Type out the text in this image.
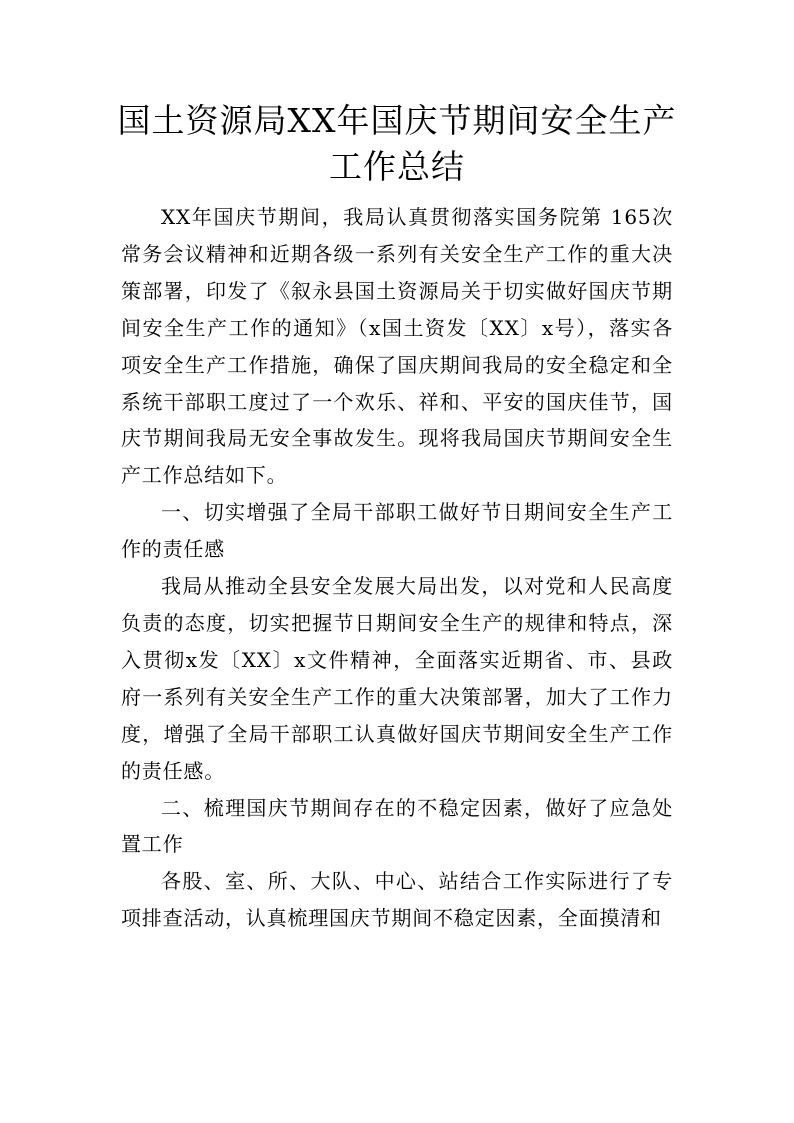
国土资源局XX年国庆节期间安全生产
工作总结

XX年国庆节期间，我局认真贯彻落实国务院第 165次常务会议精神和近期各级一系列有关安全生产工作的重大决策部署，印发了《叙永县国土资源局关于切实做好国庆节期间安全生产工作的通知》（x国土资发〔XX〕x号），落实各项安全生产工作措施，确保了国庆期间我局的安全稳定和全系统干部职工度过了一个欢乐、祥和、平安的国庆佳节，国庆节期间我局无安全事故发生。现将我局国庆节期间安全生产工作总结如下。

一、切实增强了全局干部职工做好节日期间安全生产工作的责任感

我局从推动全县安全发展大局出发，以对党和人民高度负责的态度，切实把握节日期间安全生产的规律和特点，深入贯彻x发〔XX〕x文件精神，全面落实近期省、市、县政府一系列有关安全生产工作的重大决策部署，加大了工作力度，增强了全局干部职工认真做好国庆节期间安全生产工作的责任感。

二、梳理国庆节期间存在的不稳定因素，做好了应急处置工作

各股、室、所、大队、中心、站结合工作实际进行了专项排查活动，认真梳理国庆节期间不稳定因素，全面摸清和
